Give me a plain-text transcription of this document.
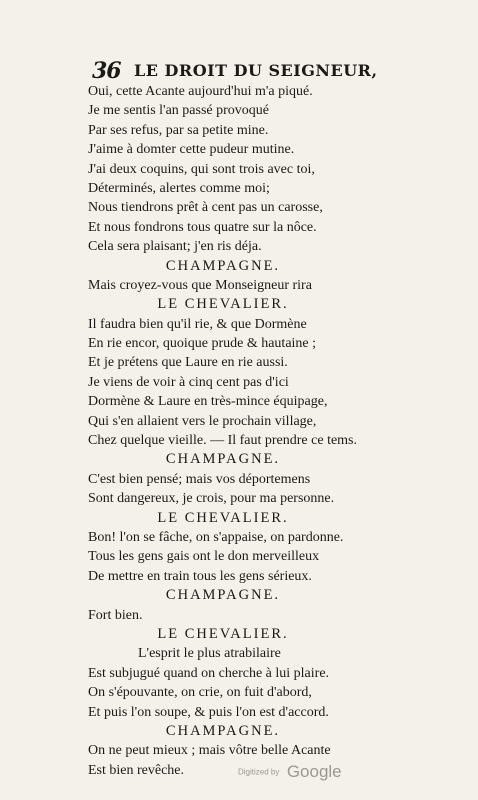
36 LE DROIT DU SEIGNEUR,
Oui, cette Acante aujourd'hui m'a piqué.
Je me sentis l'an passé provoqué
Par ses refus, par sa petite mine.
J'aime à domter cette pudeur mutine.
J'ai deux coquins, qui sont trois avec toi,
Déterminés, alertes comme moi;
Nous tiendrons prêt à cent pas un carosse,
Et nous fondrons tous quatre sur la nôce.
Cela sera plaisant; j'en ris déja.
CHAMPAGNE.
Mais croyez-vous que Monseigneur rira
LE CHEVALIER.
Il faudra bien qu'il rie, & que Dormène
En rie encor, quoique prude & hautaine ;
Et je prétens que Laure en rie aussi.
Je viens de voir à cinq cent pas d'ici
Dormène & Laure en très-mince équipage,
Qui s'en allaient vers le prochain village,
Chez quelque vieille. — Il faut prendre ce tems.
CHAMPAGNE.
C'est bien pensé; mais vos déportemens
Sont dangereux, je crois, pour ma personne.
LE CHEVALIER.
Bon! l'on se fâche, on s'appaise, on pardonne.
Tous les gens gais ont le don merveilleux
De mettre en train tous les gens sérieux.
CHAMPAGNE.
Fort bien.
LE CHEVALIER.
L'esprit le plus atrabilaire
Est subjugué quand on cherche à lui plaire.
On s'épouvante, on crie, on fuit d'abord,
Et puis l'on soupe, & puis l'on est d'accord.
CHAMPAGNE.
On ne peut mieux ; mais vôtre belle Acante
Est bien revêche.	Digitized by Google
